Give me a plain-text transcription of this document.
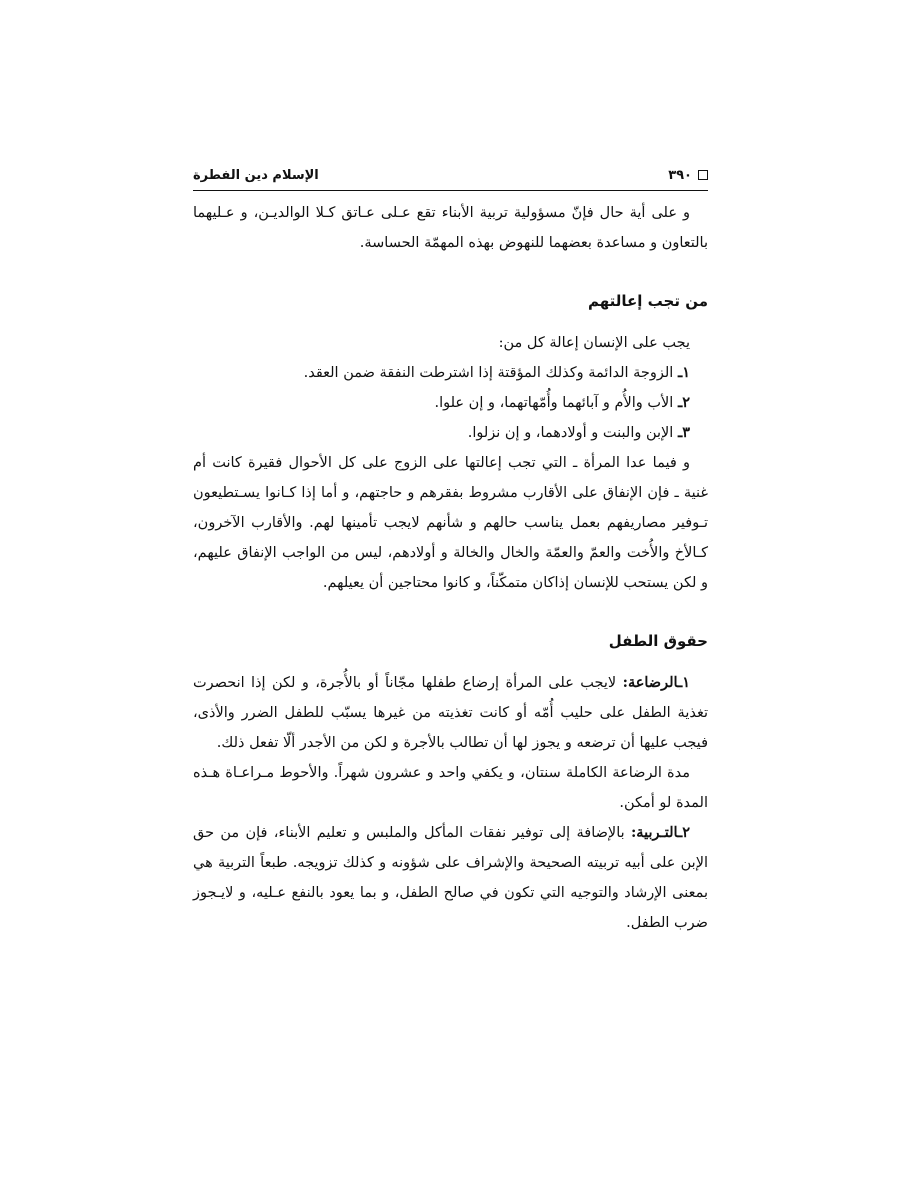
٣٩٠
الإسلام دين الفطرة

و على أية حال فإنّ مسؤولية تربية الأبناء تقع عـلى عـاتق كـلا الوالديـن، و عـليهما بالتعاون و مساعدة بعضهما للنهوض بهذه المهمّة الحساسة.

من تجب إعالتهم

يجب على الإنسان إعالة كل من:

١ـ الزوجة الدائمة وكذلك المؤقتة إذا اشترطت النفقة ضمن العقد.

٢ـ الأب والأُم و آبائهما وأُمّهاتهما، و إن علوا.

٣ـ الإبن والبنت و أولادهما، و إن نزلوا.

و فيما عدا المرأة ـ التي تجب إعالتها على الزوج على كل الأحوال فقيرة كانت أم غنية ـ فإن الإنفاق على الأقارب مشروط بفقرهم و حاجتهم، و أما إذا كـانوا يسـتطيعون تـوفير مصاريفهم بعمل يناسب حالهم و شأنهم لايجب تأمينها لهم. والأقارب الآخرون، كـالأخ والأُخت والعمّ والعمّة والخال والخالة و أولادهم، ليس من الواجب الإنفاق عليهم، و لكن يستحب للإنسان إذاكان متمكّناً، و كانوا محتاجين أن يعيلهم.

حقوق الطفل

١ـالرضاعة: لايجب على المرأة إرضاع طفلها مجّاناً أو بالأُجرة، و لكن إذا انحصرت تغذية الطفل على حليب أُمّه أو كانت تغذيته من غيرها يسبّب للطفل الضرر والأذى، فيجب عليها أن ترضعه و يجوز لها أن تطالب بالأجرة و لكن من الأجدر ألّا تفعل ذلك.

مدة الرضاعة الكاملة سنتان، و يكفي واحد و عشرون شهراً. والأحوط مـراعـاة هـذه المدة لو أمكن.

٢ـالتـربية: بالإضافة إلى توفير نفقات المأكل والملبس و تعليم الأبناء، فإن من حق الإبن على أبيه تربيته الصحيحة والإشراف على شؤونه و كذلك تزويجه. طبعاً التربية هي بمعنى الإرشاد والتوجيه التي تكون في صالح الطفل، و بما يعود بالنفع عـليه، و لايـجوز ضرب الطفل.
